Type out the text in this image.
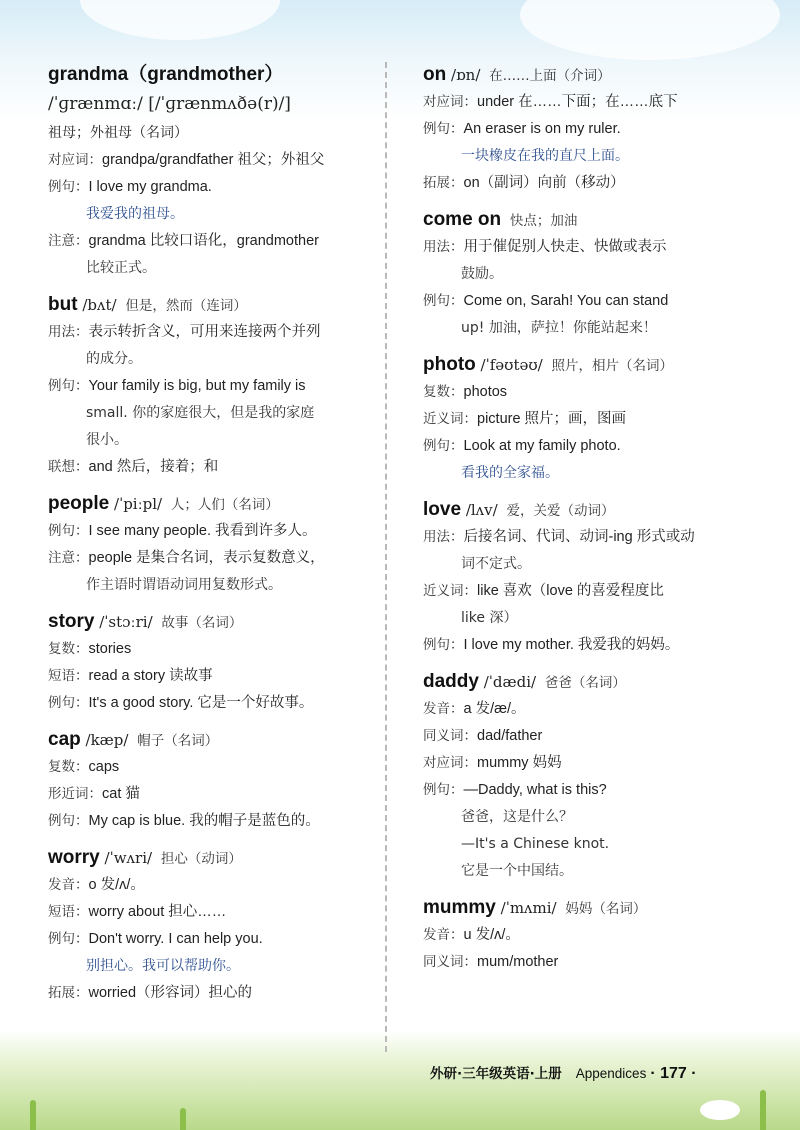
grandma（grandmother）
/ˈɡrænmɑː/ [/ˈɡrænmʌðə(r)/]
祖母；外祖母（名词）
对应词： grandpa/grandfather 祖父；外祖父
例句： I love my grandma.
我爱我的祖母。
注意： grandma 比较口语化，grandmother
比较正式。
but /bʌt/ 但是，然而（连词）
用法： 表示转折含义，可用来连接两个并列
的成分。
例句： Your family is big, but my family is
small. 你的家庭很大，但是我的家庭
很小。
联想： and 然后，接着；和
people /ˈpiːpl/ 人；人们（名词）
例句： I see many people. 我看到许多人。
注意： people 是集合名词，表示复数意义，
作主语时谓语动词用复数形式。
story /ˈstɔːri/ 故事（名词）
复数： stories
短语： read a story 读故事
例句： It's a good story. 它是一个好故事。
cap /kæp/ 帽子（名词）
复数： caps
形近词： cat 猫
例句： My cap is blue. 我的帽子是蓝色的。
worry /ˈwʌri/ 担心（动词）
发音： o 发/ʌ/。
短语： worry about 担心……
例句： Don't worry. I can help you.
别担心。我可以帮助你。
拓展： worried（形容词）担心的
on /ɒn/ 在……上面（介词）
对应词： under 在……下面；在……底下
例句： An eraser is on my ruler.
一块橡皮在我的直尺上面。
拓展： on（副词）向前（移动）
come on 快点；加油
用法： 用于催促别人快走、快做或表示
鼓励。
例句： Come on, Sarah! You can stand
up! 加油，萨拉！你能站起来！
photo /ˈfəʊtəʊ/ 照片，相片（名词）
复数： photos
近义词： picture 照片；画，图画
例句： Look at my family photo.
看我的全家福。
love /lʌv/ 爱，关爱（动词）
用法： 后接名词、代词、动词-ing 形式或动
词不定式。
近义词： like 喜欢（love 的喜爱程度比
like 深）
例句： I love my mother. 我爱我的妈妈。
daddy /ˈdædi/ 爸爸（名词）
发音： a 发/æ/。
同义词： dad/father
对应词： mummy 妈妈
例句： —Daddy, what is this?
爸爸，这是什么？
—It's a Chinese knot.
它是一个中国结。
mummy /ˈmʌmi/ 妈妈（名词）
发音： u 发/ʌ/。
同义词： mum/mother
外研·三年级英语·上册 Appendices · 177 ·
